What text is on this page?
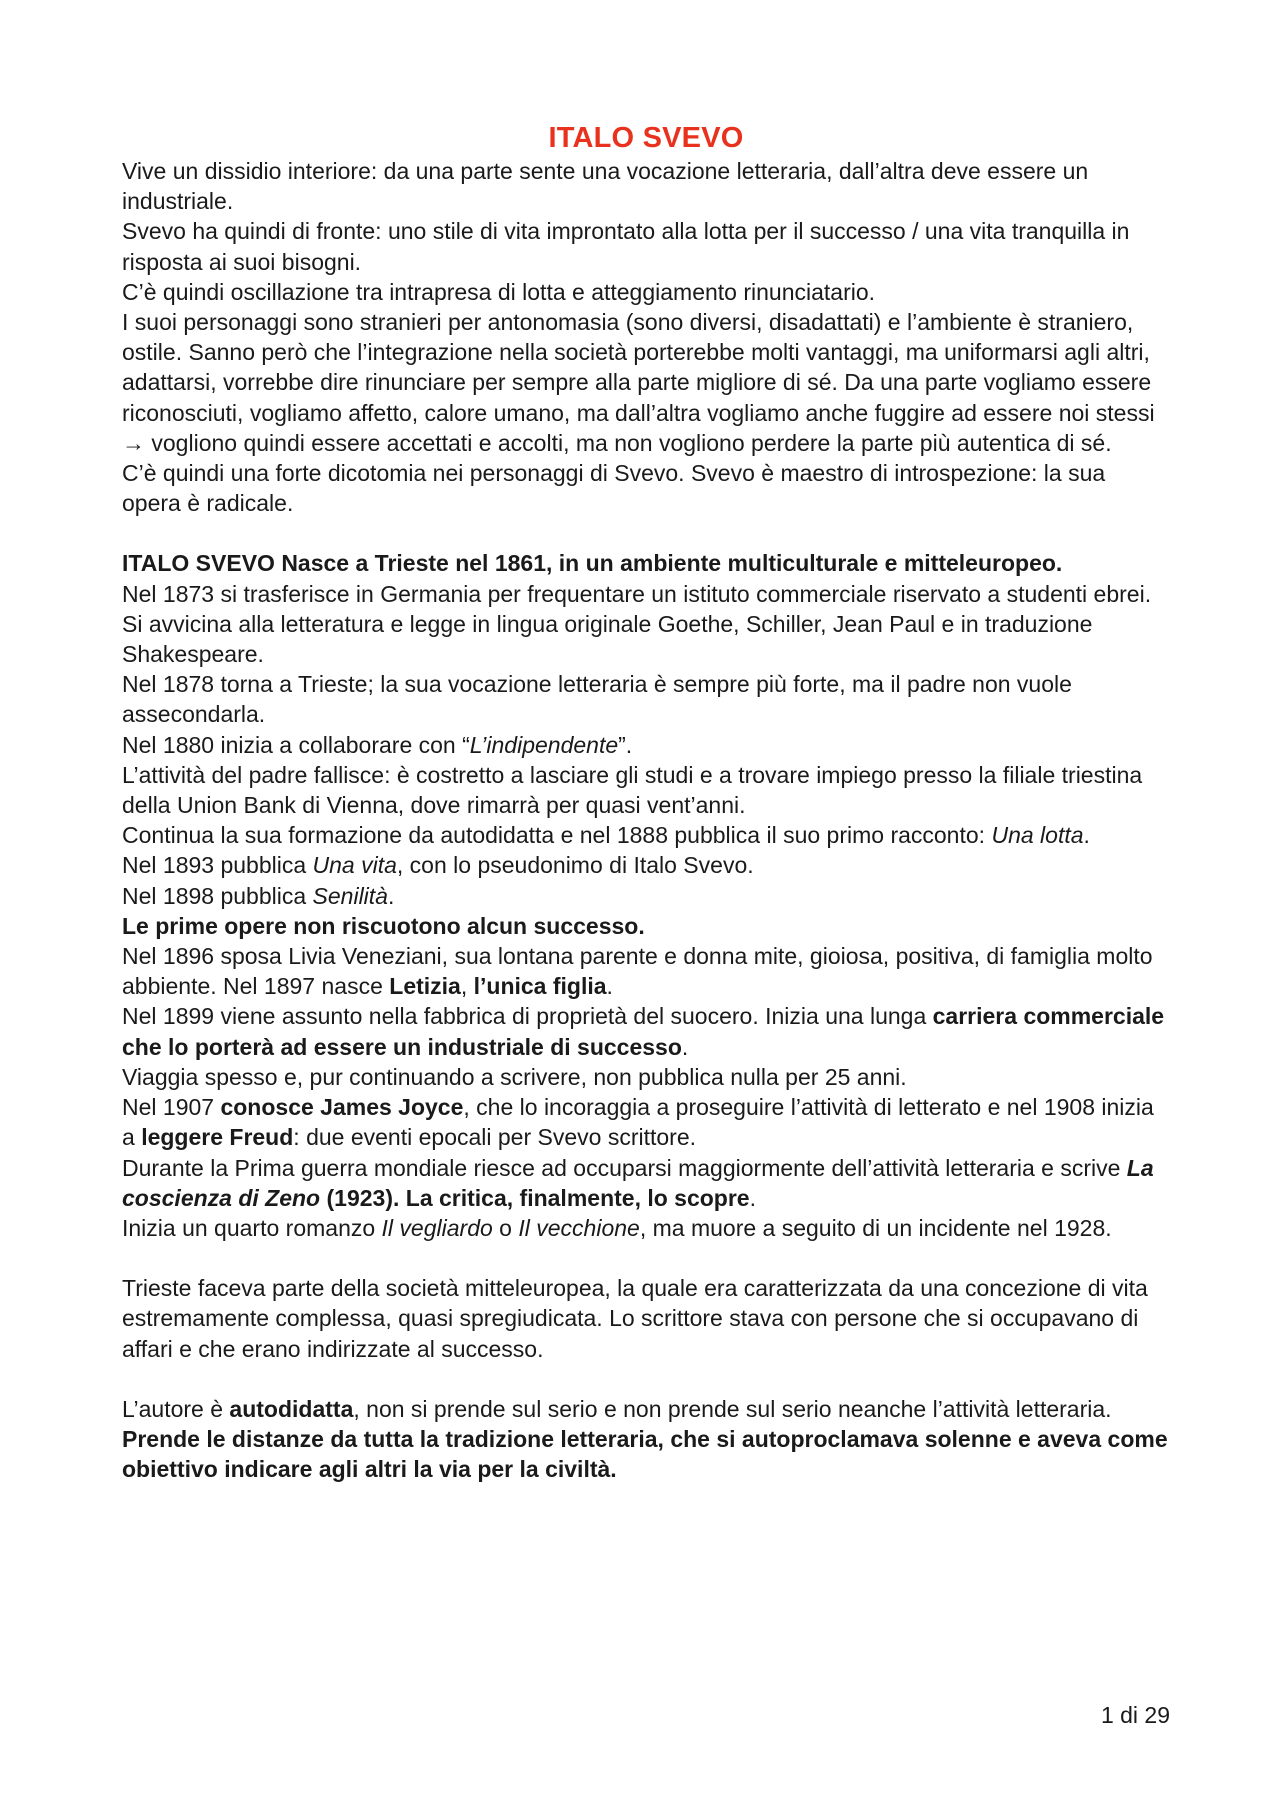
ITALO SVEVO

Vive un dissidio interiore: da una parte sente una vocazione letteraria, dall’altra deve essere un industriale.

Svevo ha quindi di fronte: uno stile di vita improntato alla lotta per il successo / una vita tranquilla in risposta ai suoi bisogni.

C’è quindi oscillazione tra intrapresa di lotta e atteggiamento rinunciatario.

I suoi personaggi sono stranieri per antonomasia (sono diversi, disadattati) e l’ambiente è straniero, ostile. Sanno però che l’integrazione nella società porterebbe molti vantaggi, ma uniformarsi agli altri, adattarsi, vorrebbe dire rinunciare per sempre alla parte migliore di sé. Da una parte vogliamo essere riconosciuti, vogliamo affetto, calore umano, ma dall’altra vogliamo anche fuggire ad essere noi stessi → vogliono quindi essere accettati e accolti, ma non vogliono perdere la parte più autentica di sé.

C’è quindi una forte dicotomia nei personaggi di Svevo. Svevo è maestro di introspezione: la sua opera è radicale.

ITALO SVEVO Nasce a Trieste nel 1861, in un ambiente multiculturale e mitteleuropeo.

Nel 1873 si trasferisce in Germania per frequentare un istituto commerciale riservato a studenti ebrei. Si avvicina alla letteratura e legge in lingua originale Goethe, Schiller, Jean Paul e in traduzione Shakespeare.

Nel 1878 torna a Trieste; la sua vocazione letteraria è sempre più forte, ma il padre non vuole assecondarla.

Nel 1880 inizia a collaborare con “L’indipendente”.

L’attività del padre fallisce: è costretto a lasciare gli studi e a trovare impiego presso la filiale triestina della Union Bank di Vienna, dove rimarrà per quasi vent’anni.

Continua la sua formazione da autodidatta e nel 1888 pubblica il suo primo racconto: Una lotta.

Nel 1893 pubblica Una vita, con lo pseudonimo di Italo Svevo.

Nel 1898 pubblica Senilità.

Le prime opere non riscuotono alcun successo.

Nel 1896 sposa Livia Veneziani, sua lontana parente e donna mite, gioiosa, positiva, di famiglia molto abbiente. Nel 1897 nasce Letizia, l’unica figlia.

Nel 1899 viene assunto nella fabbrica di proprietà del suocero. Inizia una lunga carriera commerciale che lo porterà ad essere un industriale di successo.

Viaggia spesso e, pur continuando a scrivere, non pubblica nulla per 25 anni.

Nel 1907 conosce James Joyce, che lo incoraggia a proseguire l’attività di letterato e nel 1908 inizia a leggere Freud: due eventi epocali per Svevo scrittore.

Durante la Prima guerra mondiale riesce ad occuparsi maggiormente dell’attività letteraria e scrive La coscienza di Zeno (1923). La critica, finalmente, lo scopre.

Inizia un quarto romanzo Il vegliardo o Il vecchione, ma muore a seguito di un incidente nel 1928.

Trieste faceva parte della società mitteleuropea, la quale era caratterizzata da una concezione di vita estremamente complessa, quasi spregiudicata. Lo scrittore stava con persone che si occupavano di affari e che erano indirizzate al successo.

L’autore è autodidatta, non si prende sul serio e non prende sul serio neanche l’attività letteraria.

Prende le distanze da tutta la tradizione letteraria, che si autoproclamava solenne e aveva come obiettivo indicare agli altri la via per la civiltà.

1 di 29
